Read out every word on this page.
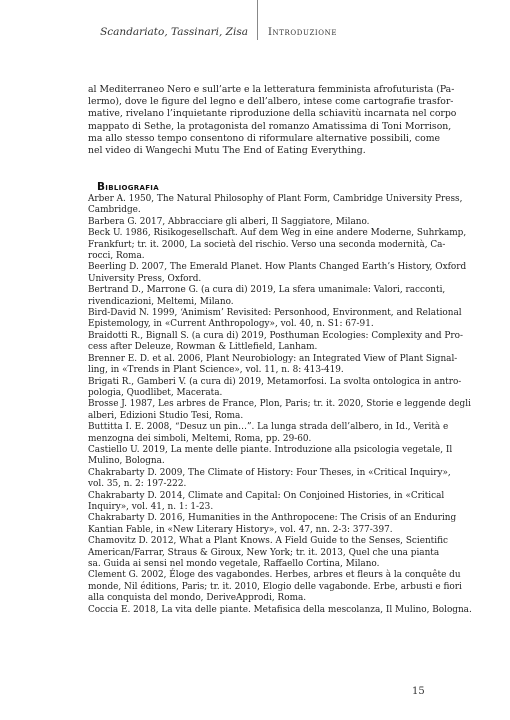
Scandariato, Tassinari, Zisa Introduzione
al Mediterraneo Nero e sull’arte e la letteratura femminista afrofuturista (Pa-
lermo), dove le figure del legno e dell’albero, intese come cartografie trasfor-
mative, rivelano l’inquietante riproduzione della schiavitù incarnata nel corpo
mappato di Sethe, la protagonista del romanzo Amatissima di Toni Morrison,
ma allo stesso tempo consentono di riformulare alternative possibili, come
nel video di Wangechi Mutu The End of Eating Everything.
Bibliografia
Arber A. 1950, The Natural Philosophy of Plant Form, Cambridge University Press,
Cambridge.
Barbera G. 2017, Abbracciare gli alberi, Il Saggiatore, Milano.
Beck U. 1986, Risikogesellschaft. Auf dem Weg in eine andere Moderne, Suhrkamp,
Frankfurt; tr. it. 2000, La società del rischio. Verso una seconda modernità, Ca-
rocci, Roma.
Beerling D. 2007, The Emerald Planet. How Plants Changed Earth’s History, Oxford
University Press, Oxford.
Bertrand D., Marrone G. (a cura di) 2019, La sfera umanimale: Valori, racconti,
rivendicazioni, Meltemi, Milano.
Bird-David N. 1999, ‘Animism’ Revisited: Personhood, Environment, and Relational
Epistemology, in «Current Anthropology», vol. 40, n. S1: 67-91.
Braidotti R., Bignall S. (a cura di) 2019, Posthuman Ecologies: Complexity and Pro-
cess after Deleuze, Rowman & Littlefield, Lanham.
Brenner E. D. et al. 2006, Plant Neurobiology: an Integrated View of Plant Signal-
ling, in «Trends in Plant Science», vol. 11, n. 8: 413-419.
Brigati R., Gamberi V. (a cura di) 2019, Metamorfosi. La svolta ontologica in antro-
pologia, Quodlibet, Macerata.
Brosse J. 1987, Les arbres de France, Plon, Paris; tr. it. 2020, Storie e leggende degli
alberi, Edizioni Studio Tesi, Roma.
Buttitta I. E. 2008, “Desuz un pin…”. La lunga strada dell’albero, in Id., Verità e
menzogna dei simboli, Meltemi, Roma, pp. 29-60.
Castiello U. 2019, La mente delle piante. Introduzione alla psicologia vegetale, Il
Mulino, Bologna.
Chakrabarty D. 2009, The Climate of History: Four Theses, in «Critical Inquiry»,
vol. 35, n. 2: 197-222.
Chakrabarty D. 2014, Climate and Capital: On Conjoined Histories, in «Critical
Inquiry», vol. 41, n. 1: 1-23.
Chakrabarty D. 2016, Humanities in the Anthropocene: The Crisis of an Enduring
Kantian Fable, in «New Literary History», vol. 47, nn. 2-3: 377-397.
Chamovitz D. 2012, What a Plant Knows. A Field Guide to the Senses, Scientific
American/Farrar, Straus & Giroux, New York; tr. it. 2013, Quel che una pianta
sa. Guida ai sensi nel mondo vegetale, Raffaello Cortina, Milano.
Clement G. 2002, Éloge des vagabondes. Herbes, arbres et fleurs à la conquête du
monde, Nil éditions, Paris; tr. it. 2010, Elogio delle vagabonde. Erbe, arbusti e fiori
alla conquista del mondo, DeriveApprodi, Roma.
Coccia E. 2018, La vita delle piante. Metafisica della mescolanza, Il Mulino, Bologna.
15
